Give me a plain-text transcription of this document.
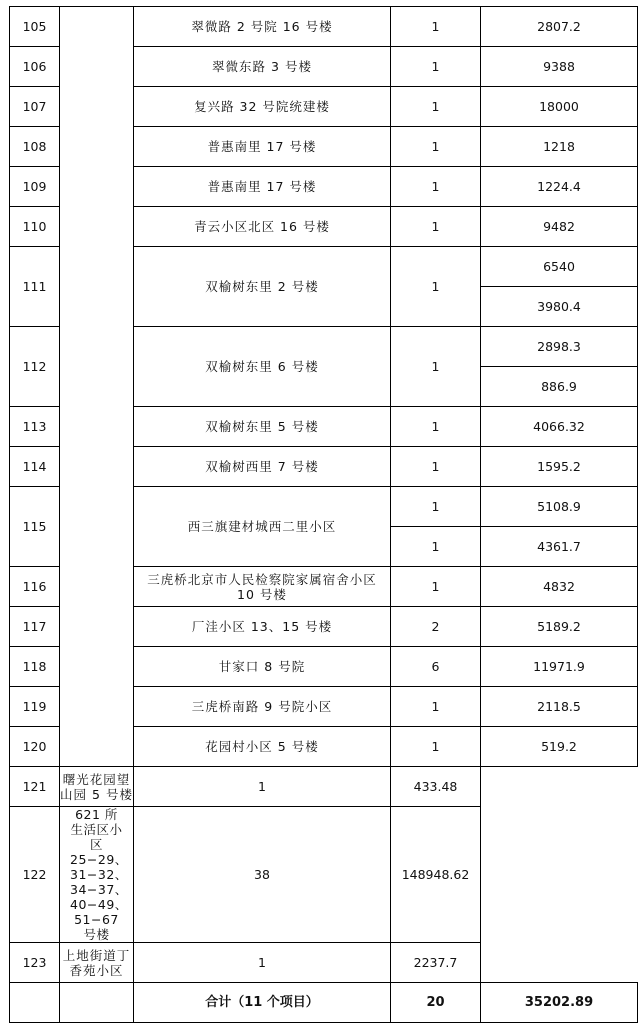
105		翠微路 2 号院 16 号楼	1	2807.2
106		翠微东路 3 号楼	1	9388
107		复兴路 32 号院统建楼	1	18000
108		普惠南里 17 号楼	1	1218
109		普惠南里 17 号楼	1	1224.4
110		青云小区北区 16 号楼	1	9482
111		双榆树东里 2 号楼	1	6540
				3980.4
112		双榆树东里 6 号楼	1	2898.3
				886.9
113		双榆树东里 5 号楼	1	4066.32
114		双榆树西里 7 号楼	1	1595.2
115		西三旗建材城西二里小区	1	5108.9
			1	4361.7
116		三虎桥北京市人民检察院家属宿舍小区 10 号楼	1	4832
117		厂洼小区 13、15 号楼	2	5189.2
118		甘家口 8 号院	6	11971.9
119		三虎桥南路 9 号院小区	1	2118.5
120		花园村小区 5 号楼	1	519.2
121	曙光花园望山园 5 号楼	1	433.48	
122	621 所生活区小区 25−29、31−32、34−37、40−49、51−67 号楼	38	148948.62	
123	上地街道丁香苑小区	1	2237.7	
		合计（11 个项目）	20	35202.89
